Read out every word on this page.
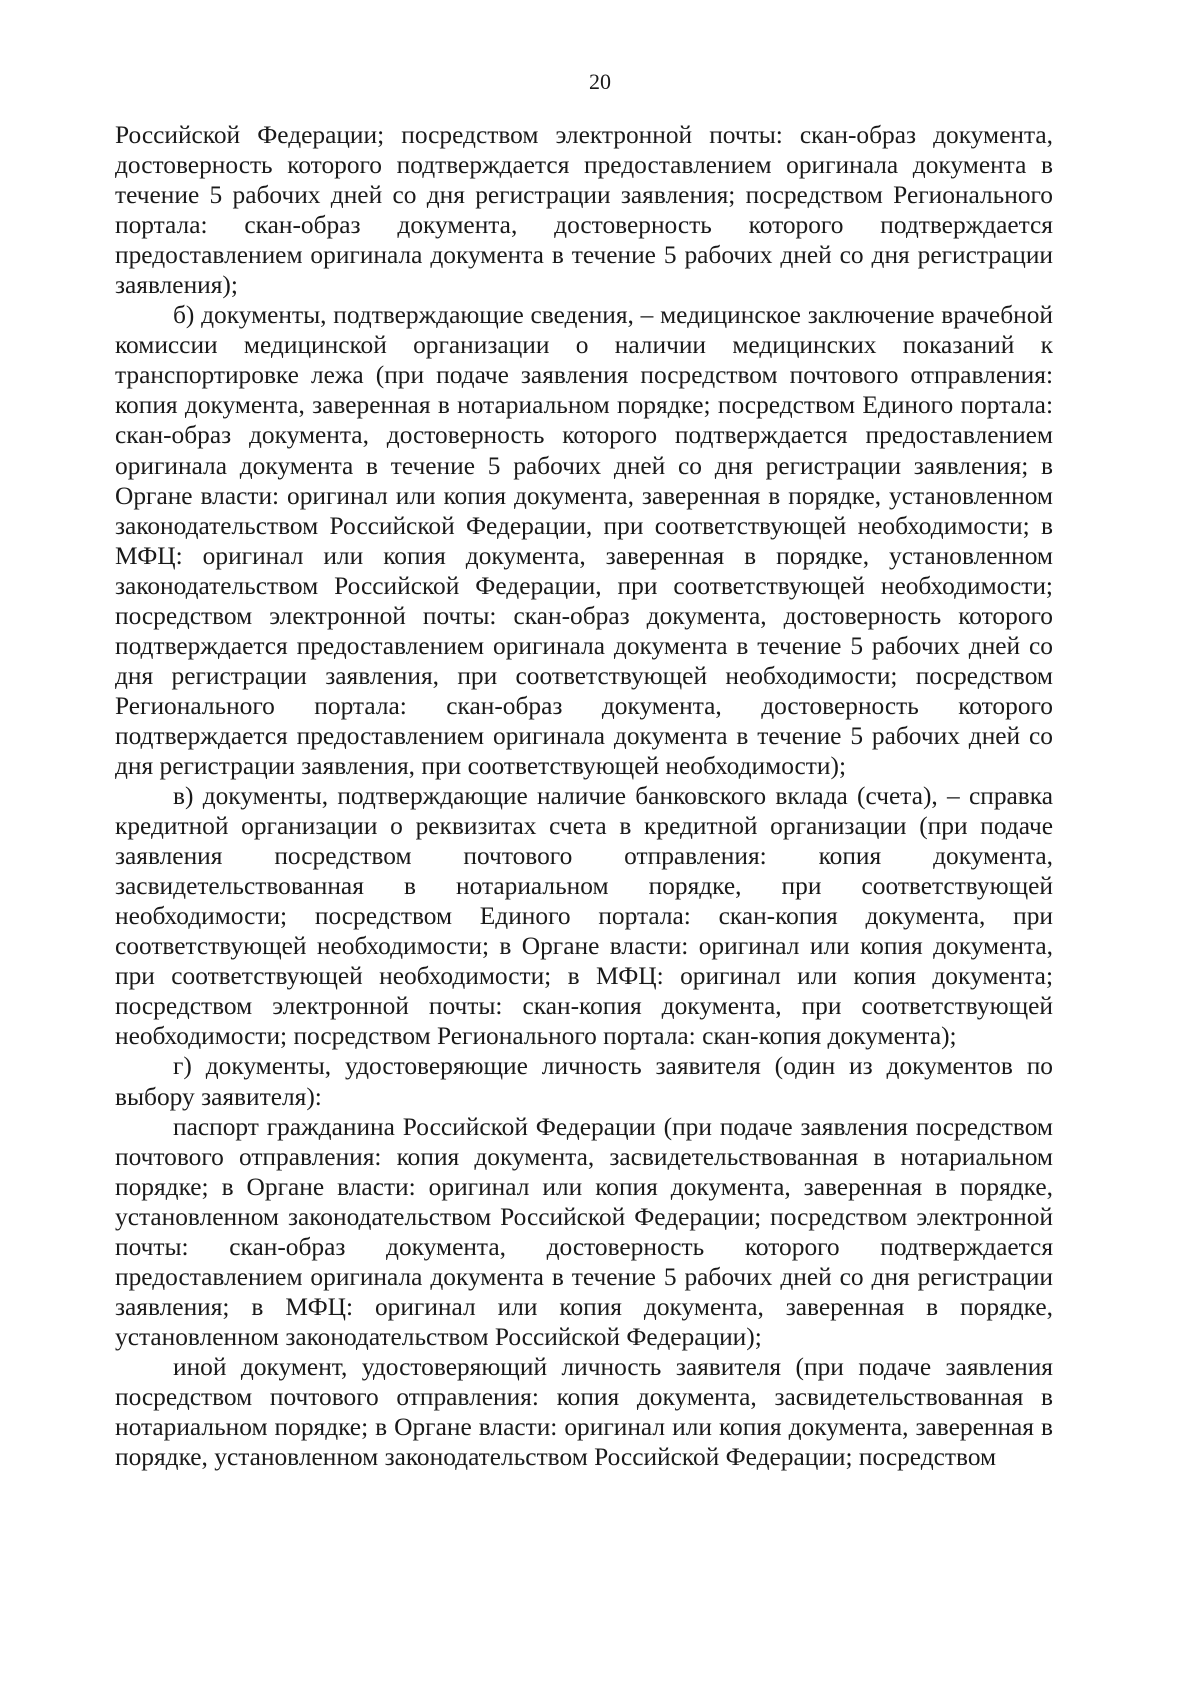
20

Российской Федерации; посредством электронной почты: скан-образ документа, достоверность которого подтверждается предоставлением оригинала документа в течение 5 рабочих дней со дня регистрации заявления; посредством Регионального портала: скан-образ документа, достоверность которого подтверждается предоставлением оригинала документа в течение 5 рабочих дней со дня регистрации заявления);

б) документы, подтверждающие сведения, – медицинское заключение врачебной комиссии медицинской организации о наличии медицинских показаний к транспортировке лежа (при подаче заявления посредством почтового отправления: копия документа, заверенная в нотариальном порядке; посредством Единого портала: скан-образ документа, достоверность которого подтверждается предоставлением оригинала документа в течение 5 рабочих дней со дня регистрации заявления; в Органе власти: оригинал или копия документа, заверенная в порядке, установленном законодательством Российской Федерации, при соответствующей необходимости; в МФЦ: оригинал или копия документа, заверенная в порядке, установленном законодательством Российской Федерации, при соответствующей необходимости; посредством электронной почты: скан-образ документа, достоверность которого подтверждается предоставлением оригинала документа в течение 5 рабочих дней со дня регистрации заявления, при соответствующей необходимости; посредством Регионального портала: скан-образ документа, достоверность которого подтверждается предоставлением оригинала документа в течение 5 рабочих дней со дня регистрации заявления, при соответствующей необходимости);

в) документы, подтверждающие наличие банковского вклада (счета), – справка кредитной организации о реквизитах счета в кредитной организации (при подаче заявления посредством почтового отправления: копия документа, засвидетельствованная в нотариальном порядке, при соответствующей необходимости; посредством Единого портала: скан-копия документа, при соответствующей необходимости; в Органе власти: оригинал или копия документа, при соответствующей необходимости; в МФЦ: оригинал или копия документа; посредством электронной почты: скан-копия документа, при соответствующей необходимости; посредством Регионального портала: скан-копия документа);

г) документы, удостоверяющие личность заявителя (один из документов по выбору заявителя):

паспорт гражданина Российской Федерации (при подаче заявления посредством почтового отправления: копия документа, засвидетельствованная в нотариальном порядке; в Органе власти: оригинал или копия документа, заверенная в порядке, установленном законодательством Российской Федерации; посредством электронной почты: скан-образ документа, достоверность которого подтверждается предоставлением оригинала документа в течение 5 рабочих дней со дня регистрации заявления; в МФЦ: оригинал или копия документа, заверенная в порядке, установленном законодательством Российской Федерации);

иной документ, удостоверяющий личность заявителя (при подаче заявления посредством почтового отправления: копия документа, засвидетельствованная в нотариальном порядке; в Органе власти: оригинал или копия документа, заверенная в порядке, установленном законодательством Российской Федерации; посредством
